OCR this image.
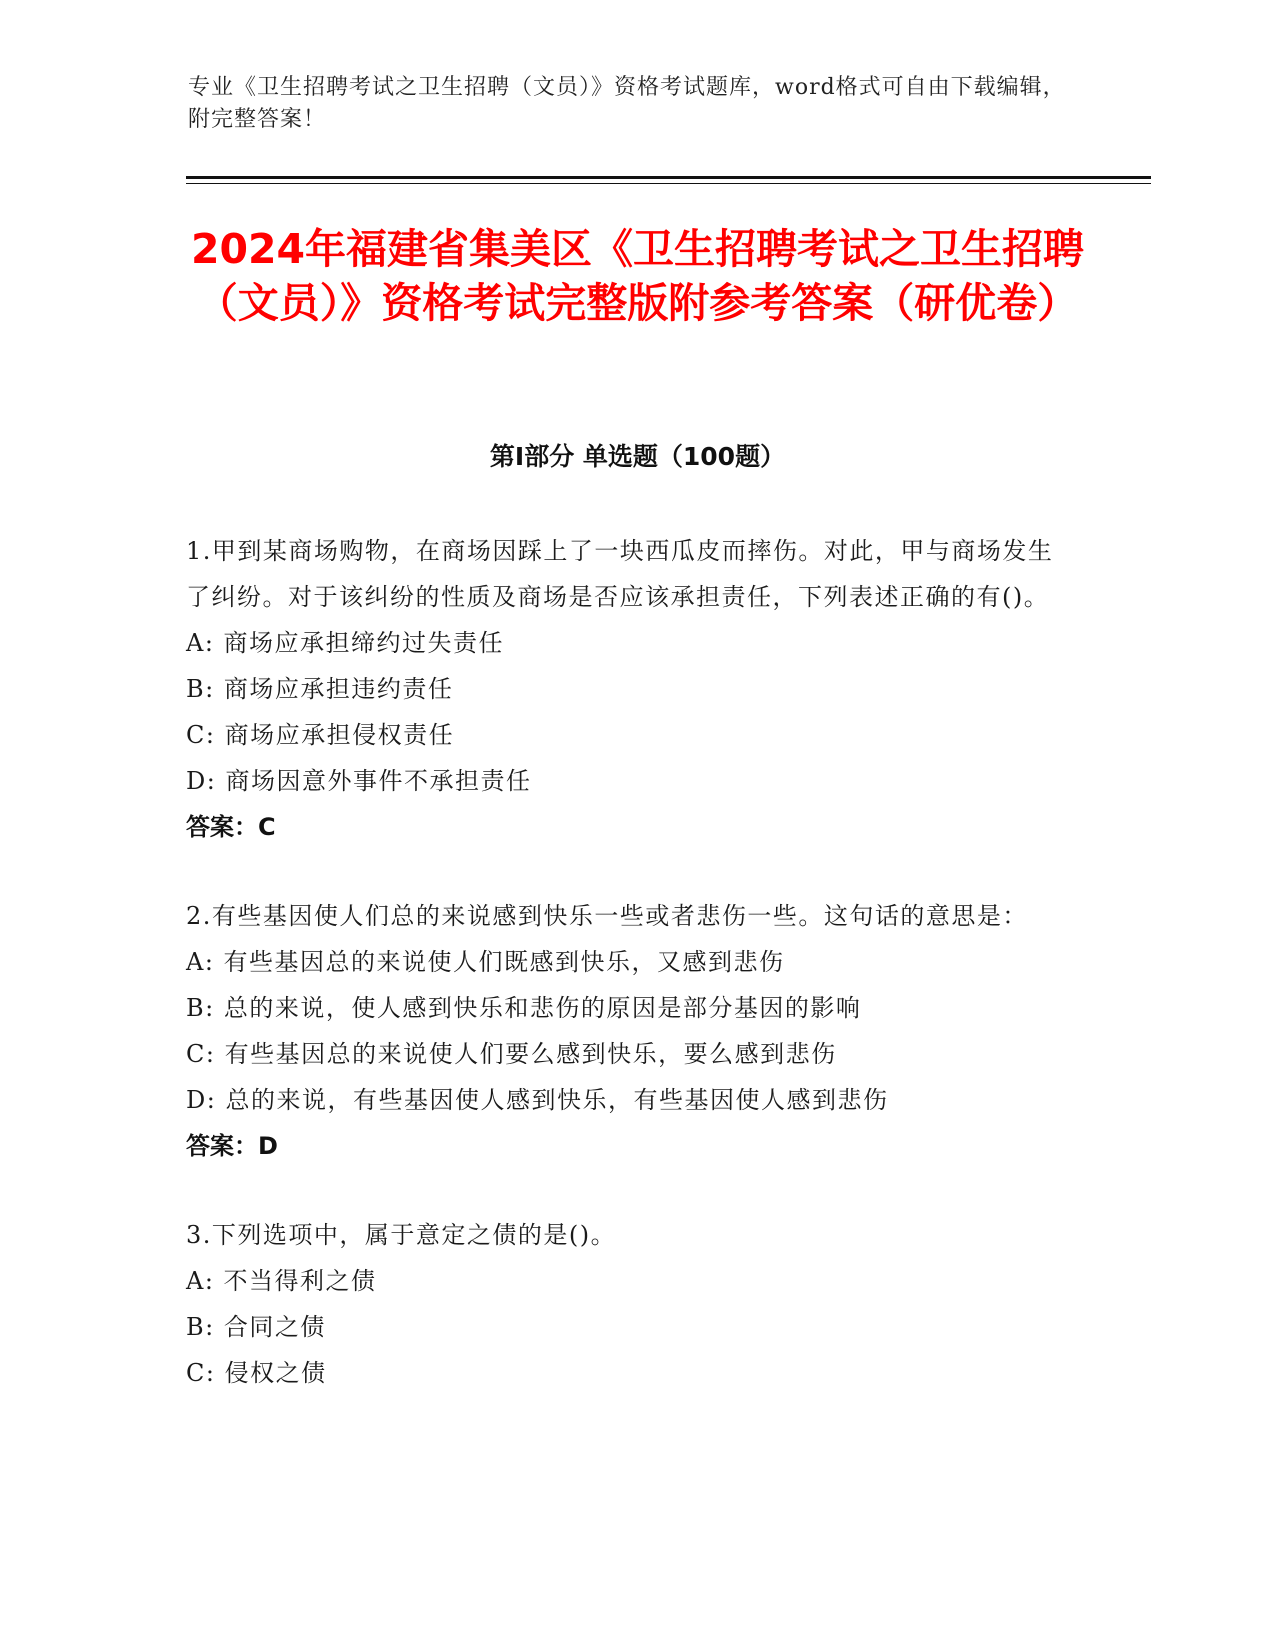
专业《卫生招聘考试之卫生招聘（文员）》资格考试题库，word格式可自由下载编辑，附完整答案！
2024年福建省集美区《卫生招聘考试之卫生招聘（文员）》资格考试完整版附参考答案（研优卷）
第Ⅰ部分 单选题（100题）
1.甲到某商场购物，在商场因踩上了一块西瓜皮而摔伤。对此，甲与商场发生了纠纷。对于该纠纷的性质及商场是否应该承担责任，下列表述正确的有()。
A: 商场应承担缔约过失责任
B: 商场应承担违约责任
C: 商场应承担侵权责任
D: 商场因意外事件不承担责任
答案：C
2.有些基因使人们总的来说感到快乐一些或者悲伤一些。这句话的意思是：
A: 有些基因总的来说使人们既感到快乐，又感到悲伤
B: 总的来说，使人感到快乐和悲伤的原因是部分基因的影响
C: 有些基因总的来说使人们要么感到快乐，要么感到悲伤
D: 总的来说，有些基因使人感到快乐，有些基因使人感到悲伤
答案：D
3.下列选项中，属于意定之债的是()。
A: 不当得利之债
B: 合同之债
C: 侵权之债
